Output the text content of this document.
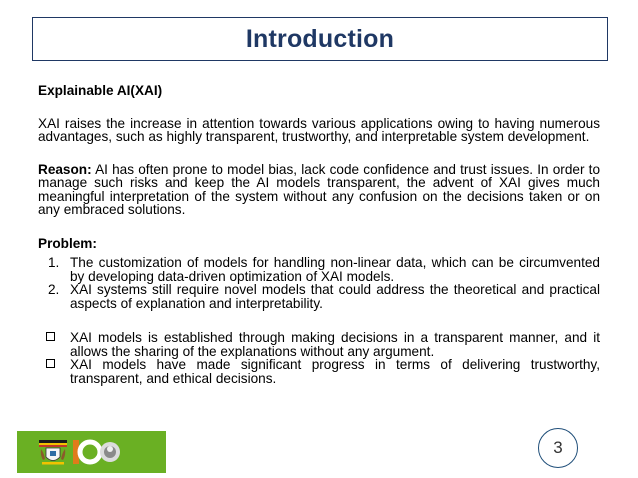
Introduction
Explainable AI(XAI)

XAI raises the increase in attention towards various applications owing to having numerous advantages, such as highly transparent, trustworthy, and interpretable system development.

Reason: AI has often prone to model bias, lack code confidence and trust issues. In order to manage such risks and keep the AI models transparent, the advent of XAI gives much meaningful interpretation of the system without any confusion on the decisions taken or on any embraced solutions.

Problem:
1. The customization of models for handling non-linear data, which can be circumvented by developing data-driven optimization of XAI models.
2. XAI systems still require novel models that could address the theoretical and practical aspects of explanation and interpretability.
XAI models is established through making decisions in a transparent manner, and it allows the sharing of the explanations without any argument.
XAI models have made significant progress in terms of delivering trustworthy, transparent, and ethical decisions.
3
